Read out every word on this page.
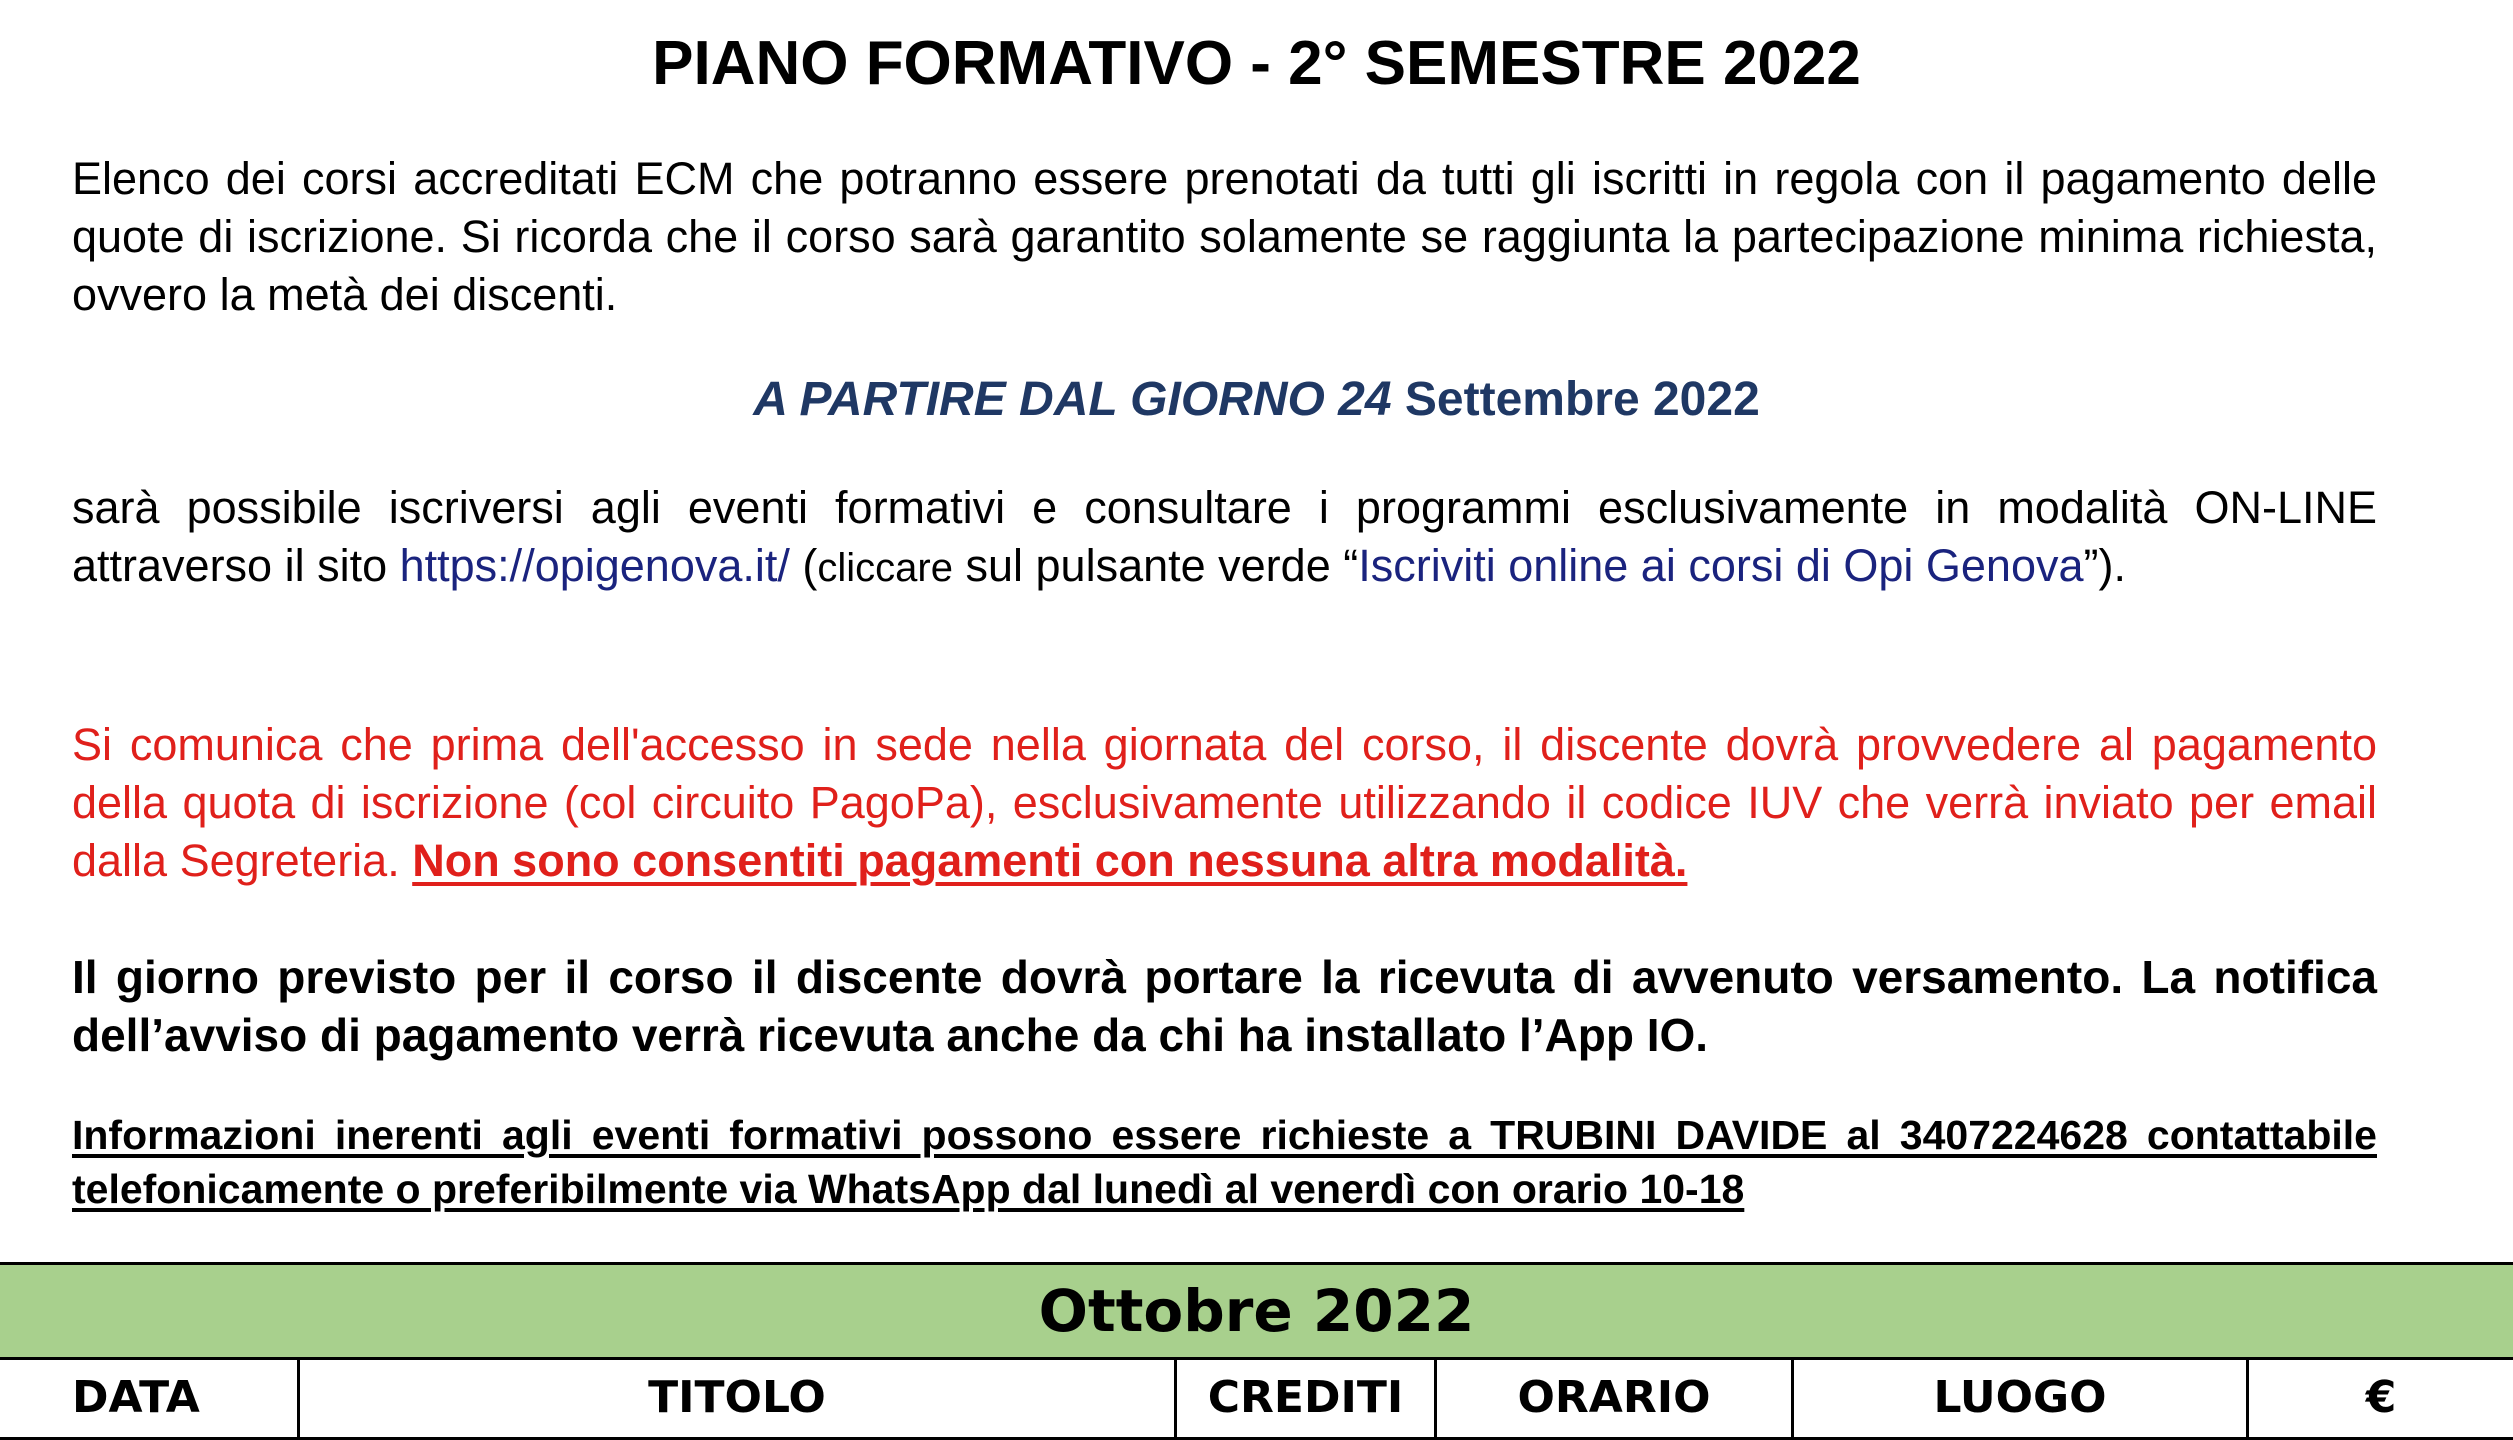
PIANO FORMATIVO - 2° SEMESTRE 2022
Elenco dei corsi accreditati ECM che potranno essere prenotati da tutti gli iscritti in regola con il pagamento delle quote di iscrizione. Si ricorda che il corso sarà garantito solamente se raggiunta la partecipazione minima richiesta, ovvero la metà dei discenti.
A PARTIRE DAL GIORNO 24 Settembre 2022
sarà possibile iscriversi agli eventi formativi e consultare i programmi esclusivamente in modalità ON-LINE attraverso il sito https://opigenova.it/ (cliccare sul pulsante verde “Iscriviti online ai corsi di Opi Genova”).
Si comunica che prima dell'accesso in sede nella giornata del corso, il discente dovrà provvedere al pagamento della quota di iscrizione (col circuito PagoPa), esclusivamente utilizzando il codice IUV che verrà inviato per email dalla Segreteria. Non sono consentiti pagamenti con nessuna altra modalità.
Il giorno previsto per il corso il discente dovrà portare la ricevuta di avvenuto versamento. La notifica dell’avviso di pagamento verrà ricevuta anche da chi ha installato l’App IO.
Informazioni inerenti agli eventi formativi possono essere richieste a TRUBINI DAVIDE al 3407224628 contattabile telefonicamente o preferibilmente via WhatsApp dal lunedì al venerdì con orario 10-18
Ottobre 2022
DATA	TITOLO	CREDITI	ORARIO	LUOGO	€
